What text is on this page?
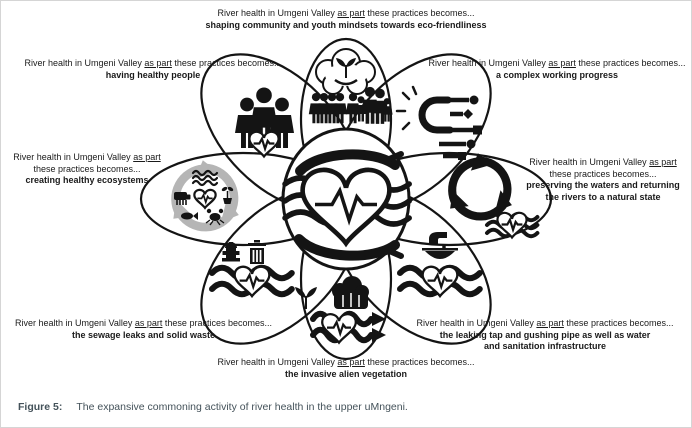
River health in Umgeni Valley as part these practices becomes...
shaping community and youth mindsets towards eco-friendliness
River health in Umgeni Valley as part these practices becomes...
having healthy people
River health in Umgeni Valley as part these practices becomes...
a complex working progress
River health in Umgeni Valley as part
these practices becomes...
creating healthy ecosystems
River health in Umgeni Valley as part
these practices becomes...
preserving the waters and returning
the rivers to a natural state
River health in Umgeni Valley as part these practices becomes...
the sewage leaks and solid waste
River health in Umgeni Valley as part these practices becomes...
the leaking tap and gushing pipe as well as water
and sanitation infrastructure
River health in Umgeni Valley as part these practices becomes...
the invasive alien vegetation
Figure 5: The expansive commoning activity of river health in the upper uMngeni.
